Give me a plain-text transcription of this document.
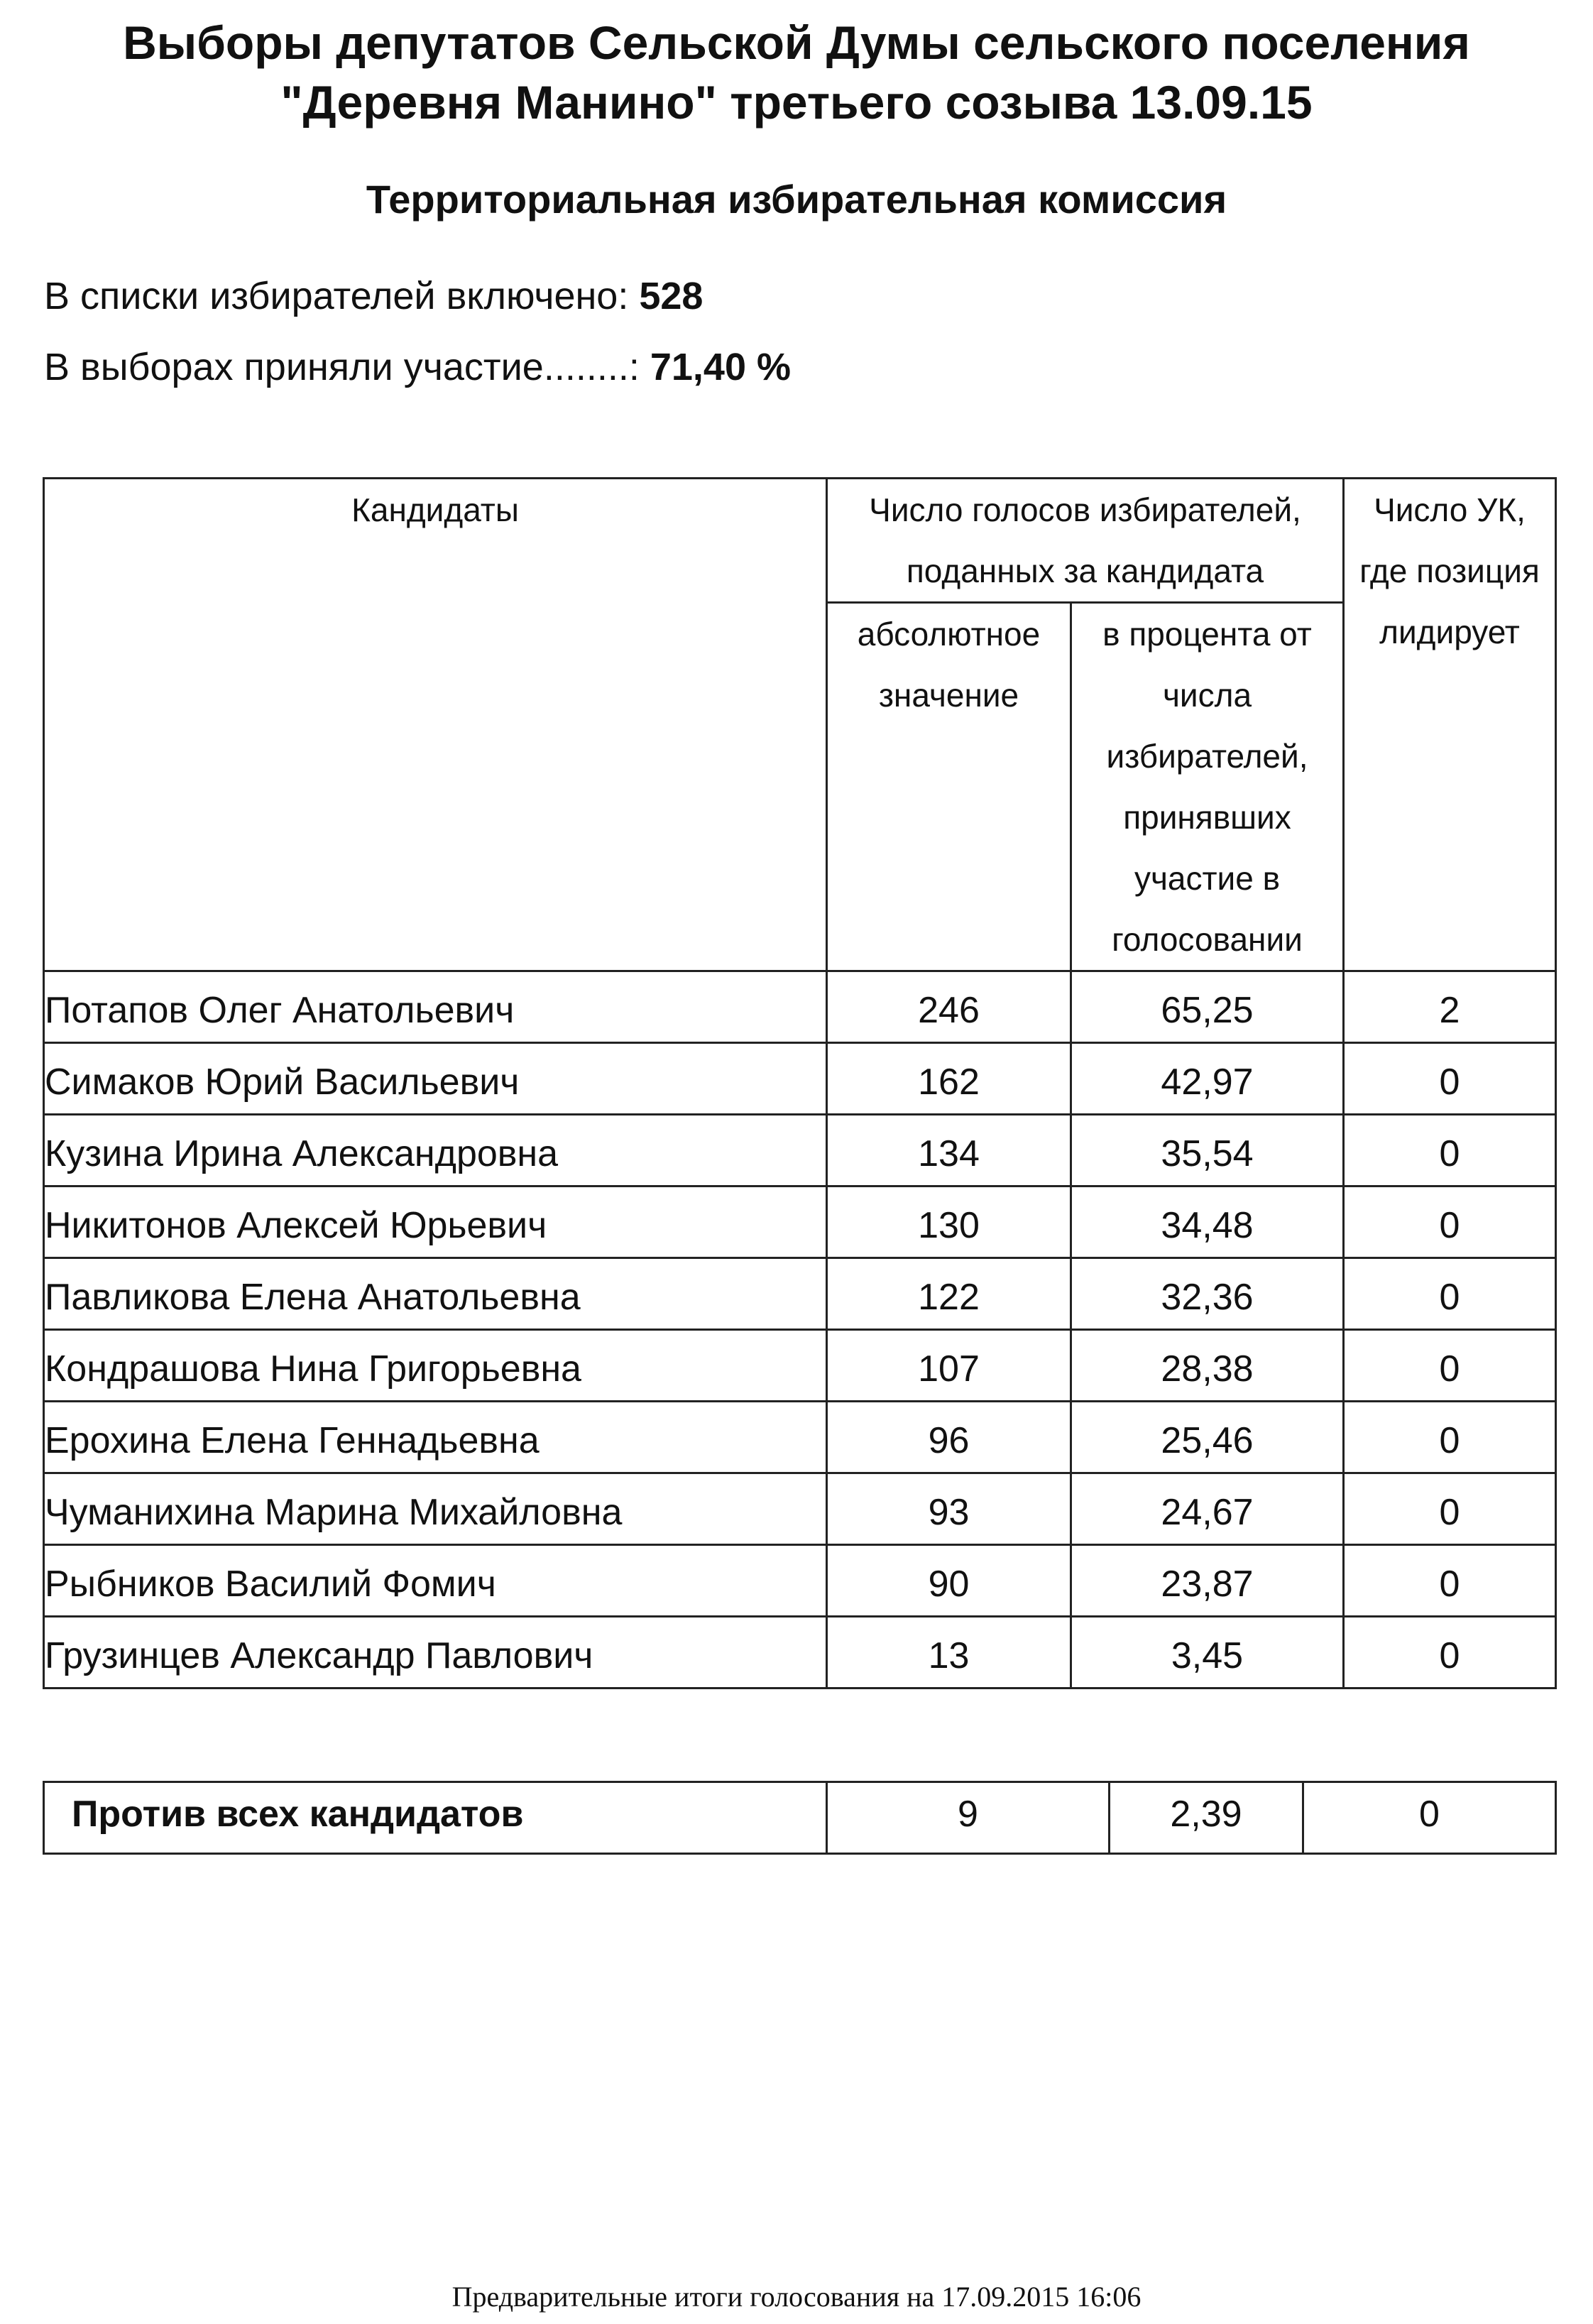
Выборы депутатов Сельской Думы сельского поселения
"Деревня Манино" третьего созыва 13.09.15
Территориальная избирательная комиссия
В списки избирателей включено: 528
В выборах приняли участие........: 71,40 %
Кандидаты	Число голосов избирателей, поданных за кандидата		Число УК, где позиция лидирует
	абсолютное значение	в процента от числа избирателей, принявших участие в голосовании	
Потапов Олег Анатольевич	246	65,25	2
Симаков Юрий Васильевич	162	42,97	0
Кузина Ирина Александровна	134	35,54	0
Никитонов Алексей Юрьевич	130	34,48	0
Павликова Елена Анатольевна	122	32,36	0
Кондрашова Нина Григорьевна	107	28,38	0
Ерохина Елена Геннадьевна	96	25,46	0
Чуманихина Марина Михайловна	93	24,67	0
Рыбников Василий Фомич	90	23,87	0
Грузинцев Александр Павлович	13	3,45	0
Против всех кандидатов	9	2,39	0
Предварительные итоги голосования на 17.09.2015 16:06
